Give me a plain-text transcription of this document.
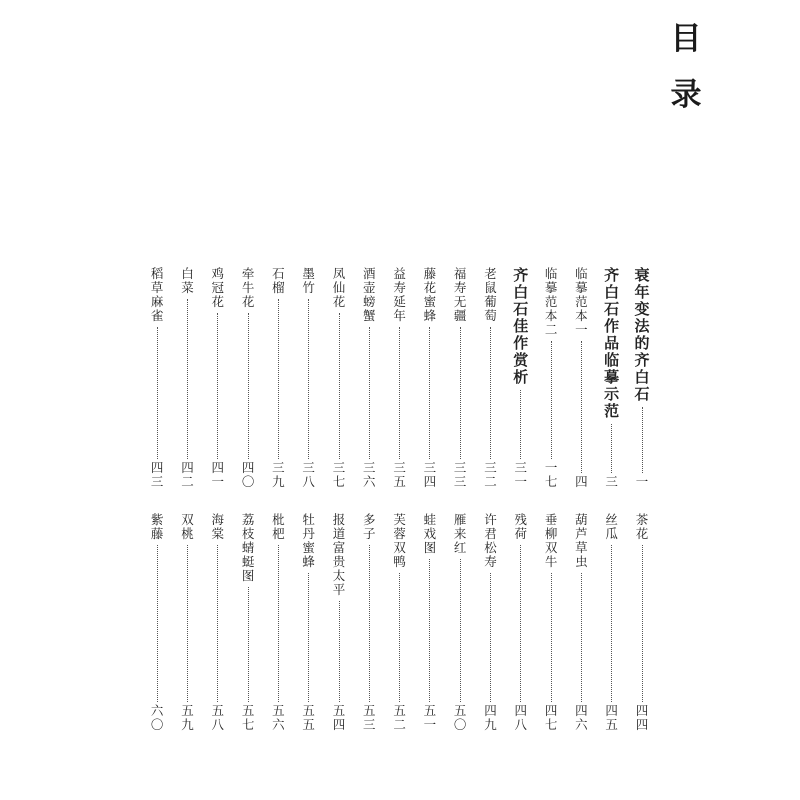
目
录
衰
年
变
法
的
齐
白
石
一
齐
白
石
作
品
临
摹
示
范
三
临
摹
范
本
一
四
临
摹
范
本
二
一
七
齐
白
石
佳
作
赏
析
三
一
老
鼠
葡
萄
三
二
福
寿
无
疆
三
三
藤
花
蜜
蜂
三
四
益
寿
延
年
三
五
酒
壶
螃
蟹
三
六
凤
仙
花
三
七
墨
竹
三
八
石
榴
三
九
牵
牛
花
四
〇
鸡
冠
花
四
一
白
菜
四
二
稻
草
麻
雀
四
三
茶
花
四
四
丝
瓜
四
五
葫
芦
草
虫
四
六
垂
柳
双
牛
四
七
残
荷
四
八
许
君
松
寿
四
九
雁
来
红
五
〇
蛙
戏
图
五
一
芙
蓉
双
鸭
五
二
多
子
五
三
报
道
富
贵
太
平
五
四
牡
丹
蜜
蜂
五
五
枇
杷
五
六
荔
枝
蜻
蜓
图
五
七
海
棠
五
八
双
桃
五
九
紫
藤
六
〇
